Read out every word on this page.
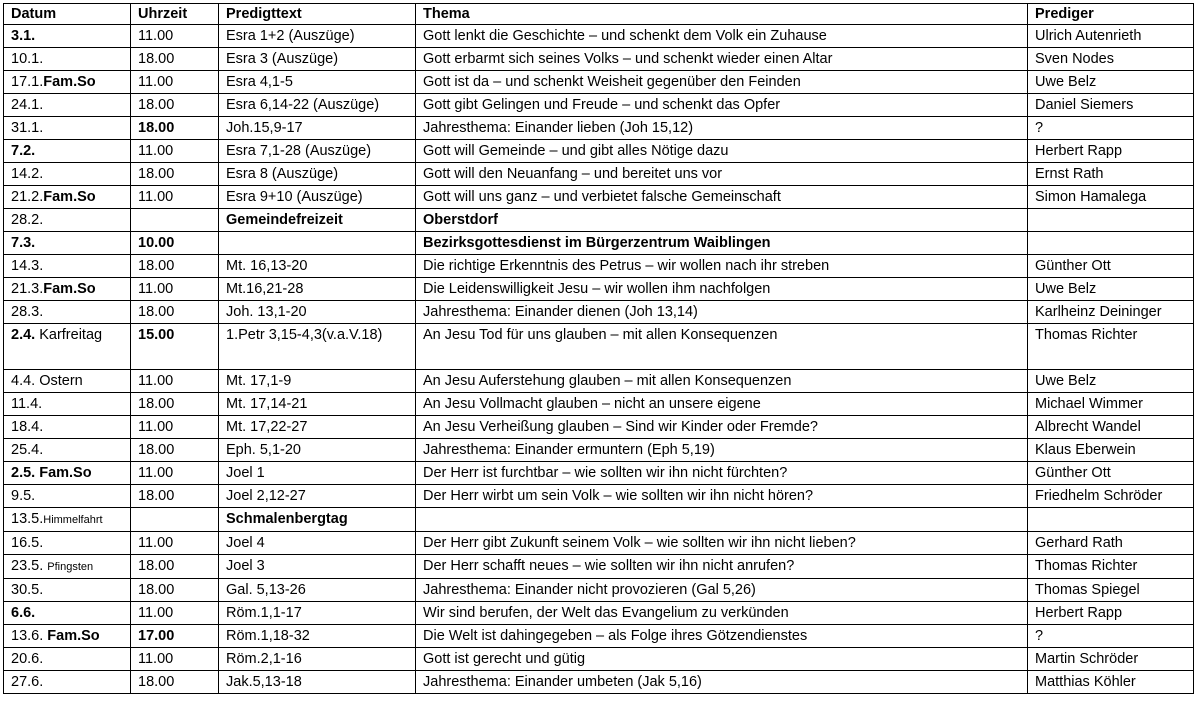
Datum	Uhrzeit	Predigttext	Thema	Prediger
3.1.	11.00	Esra 1+2 (Auszüge)	Gott lenkt die Geschichte – und schenkt dem Volk ein Zuhause	Ulrich Autenrieth
10.1.	18.00	Esra 3 (Auszüge)	Gott erbarmt sich seines Volks – und schenkt wieder einen Altar	Sven Nodes
17.1.Fam.So	11.00	Esra 4,1-5	Gott ist da – und schenkt Weisheit gegenüber den Feinden	Uwe Belz
24.1.	18.00	Esra 6,14-22 (Auszüge)	Gott gibt Gelingen und Freude – und schenkt das Opfer	Daniel Siemers
31.1.	18.00	Joh.15,9-17	Jahresthema: Einander lieben (Joh 15,12)	?
7.2.	11.00	Esra 7,1-28 (Auszüge)	Gott will Gemeinde – und gibt alles Nötige dazu	Herbert Rapp
14.2.	18.00	Esra 8 (Auszüge)	Gott will den Neuanfang – und bereitet uns vor	Ernst Rath
21.2.Fam.So	11.00	Esra 9+10 (Auszüge)	Gott will uns ganz – und verbietet falsche Gemeinschaft	Simon Hamalega
28.2.		Gemeindefreizeit	Oberstdorf	
7.3.	10.00		Bezirksgottesdienst im Bürgerzentrum Waiblingen	
14.3.	18.00	Mt. 16,13-20	Die richtige Erkenntnis des Petrus – wir wollen nach ihr streben	Günther Ott
21.3.Fam.So	11.00	Mt.16,21-28	Die Leidenswilligkeit Jesu – wir wollen ihm nachfolgen	Uwe Belz
28.3.	18.00	Joh. 13,1-20	Jahresthema: Einander dienen (Joh 13,14)	Karlheinz Deininger
2.4. Karfreitag	15.00	1.Petr 3,15-4,3(v.a.V.18)	An Jesu Tod für uns glauben – mit allen Konsequenzen	Thomas Richter
4.4. Ostern	11.00	Mt. 17,1-9	An Jesu Auferstehung glauben – mit allen Konsequenzen	Uwe Belz
11.4.	18.00	Mt. 17,14-21	An Jesu Vollmacht glauben – nicht an unsere eigene	Michael Wimmer
18.4.	11.00	Mt. 17,22-27	An Jesu Verheißung glauben – Sind wir Kinder oder Fremde?	Albrecht Wandel
25.4.	18.00	Eph. 5,1-20	Jahresthema: Einander ermuntern (Eph 5,19)	Klaus Eberwein
2.5. Fam.So	11.00	Joel 1	Der Herr ist furchtbar – wie sollten wir ihn nicht fürchten?	Günther Ott
9.5.	18.00	Joel 2,12-27	Der Herr wirbt um sein Volk – wie sollten wir ihn nicht hören?	Friedhelm Schröder
13.5.Himmelfahrt		Schmalenbergtag		
16.5.	11.00	Joel 4	Der Herr gibt Zukunft seinem Volk – wie sollten wir ihn nicht lieben?	Gerhard Rath
23.5. Pfingsten	18.00	Joel 3	Der Herr schafft neues – wie sollten wir ihn nicht anrufen?	Thomas Richter
30.5.	18.00	Gal. 5,13-26	Jahresthema: Einander nicht provozieren (Gal 5,26)	Thomas Spiegel
6.6.	11.00	Röm.1,1-17	Wir sind berufen, der Welt das Evangelium zu verkünden	Herbert Rapp
13.6. Fam.So	17.00	Röm.1,18-32	Die Welt ist dahingegeben – als Folge ihres Götzendienstes	?
20.6.	11.00	Röm.2,1-16	Gott ist gerecht und gütig	Martin Schröder
27.6.	18.00	Jak.5,13-18	Jahresthema: Einander umbeten (Jak 5,16)	Matthias Köhler
